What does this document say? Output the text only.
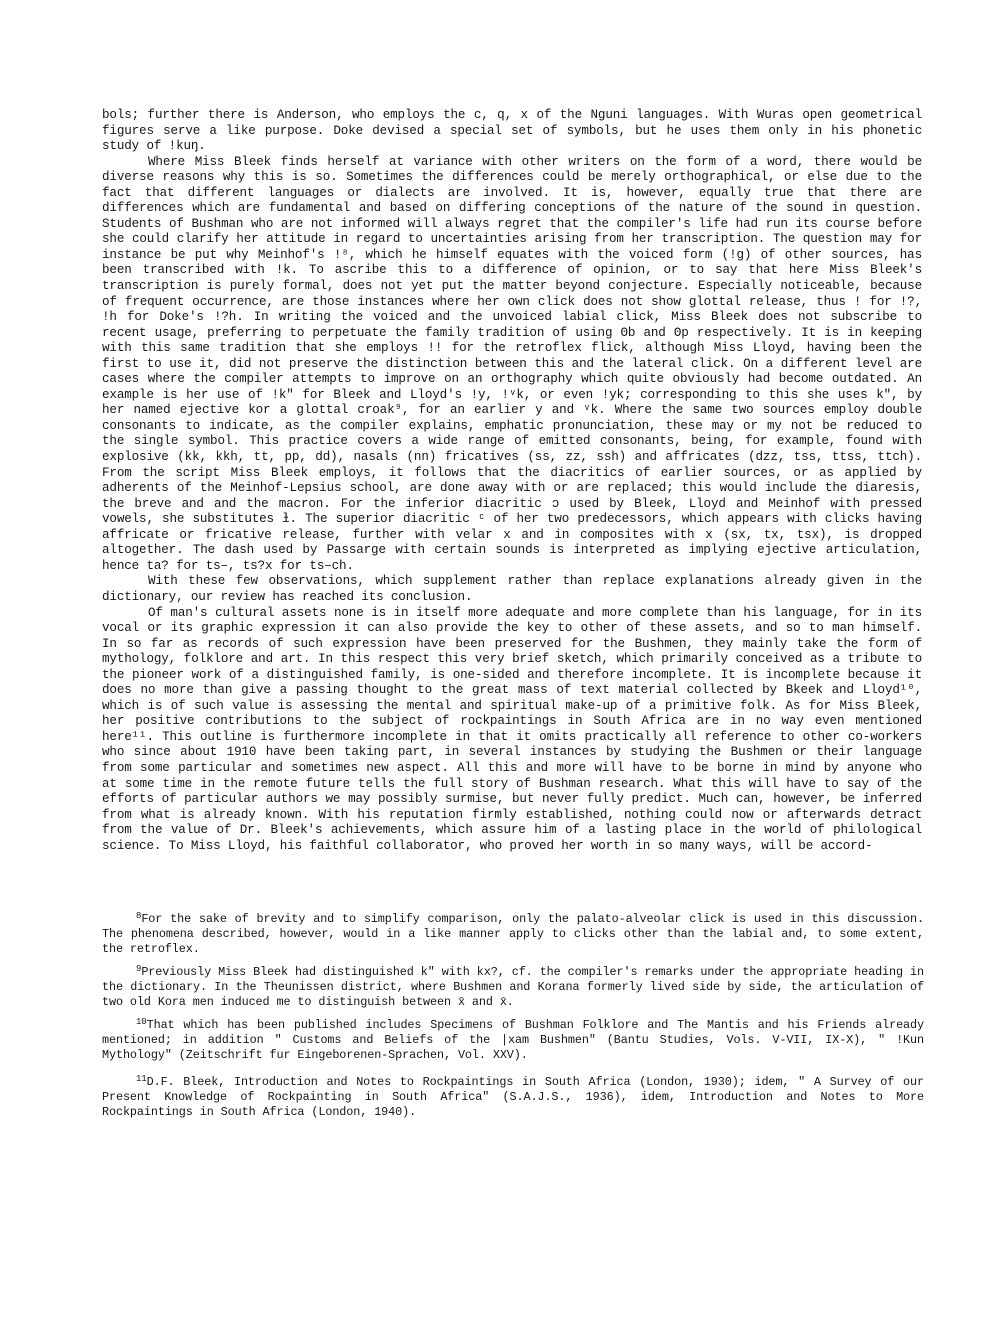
bols; further there is Anderson, who employs the c, q, x of the Nguni languages. With Wuras open geometrical figures serve a like purpose. Doke devised a special set of symbols, but he uses them only in his phonetic study of !kuŋ.

Where Miss Bleek finds herself at variance with other writers on the form of a word, there would be diverse reasons why this is so. Sometimes the differences could be merely orthographical, or else due to the fact that different languages or dialects are involved. It is, however, equally true that there are differences which are fundamental and based on differing conceptions of the nature of the sound in question. Students of Bushman who are not informed will always regret that the compiler's life had run its course before she could clarify her attitude in regard to uncertainties arising from her transcription. The question may for instance be put why Meinhof's !⁸, which he himself equates with the voiced form (!g) of other sources, has been transcribed with !k. To ascribe this to a difference of opinion, or to say that here Miss Bleek's transcription is purely formal, does not yet put the matter beyond conjecture. Especially noticeable, because of frequent occurrence, are those instances where her own click does not show glottal release, thus ! for !?, !h for Doke's !?h. In writing the voiced and the unvoiced labial click, Miss Bleek does not subscribe to recent usage, preferring to perpetuate the family tradition of using ʘb and ʘp respectively. It is in keeping with this same tradition that she employs !! for the retroflex flick, although Miss Lloyd, having been the first to use it, did not preserve the distinction between this and the lateral click. On a different level are cases where the compiler attempts to improve on an orthography which quite obviously had become outdated. An example is her use of !k" for Bleek and Lloyd's !y, !ᵛk, or even !yk; corresponding to this she uses k", by her named ejective kor a glottal croak⁹, for an earlier y and ᵛk. Where the same two sources employ double consonants to indicate, as the compiler explains, emphatic pronunciation, these may or my not be reduced to the single symbol. This practice covers a wide range of emitted consonants, being, for example, found with explosive (kk, kkh, tt, pp, dd), nasals (nn) fricatives (ss, zz, ssh) and affricates (dzz, tss, ttss, ttch). From the script Miss Bleek employs, it follows that the diacritics of earlier sources, or as applied by adherents of the Meinhof-Lepsius school, are done away with or are replaced; this would include the diaresis, the breve and and the macron. For the inferior diacritic ɔ used by Bleek, Lloyd and Meinhof with pressed vowels, she substitutes ɫ. The superior diacritic ᶜ of her two predecessors, which appears with clicks having affricate or fricative release, further with velar x and in composites with x (sx, tx, tsx), is dropped altogether. The dash used by Passarge with certain sounds is interpreted as implying ejective articulation, hence ta? for ts–, ts?x for ts–ch.

With these few observations, which supplement rather than replace explanations already given in the dictionary, our review has reached its conclusion.

Of man's cultural assets none is in itself more adequate and more complete than his language, for in its vocal or its graphic expression it can also provide the key to other of these assets, and so to man himself. In so far as records of such expression have been preserved for the Bushmen, they mainly take the form of mythology, folklore and art. In this respect this very brief sketch, which primarily conceived as a tribute to the pioneer work of a distinguished family, is one-sided and therefore incomplete. It is incomplete because it does no more than give a passing thought to the great mass of text material collected by Bkeek and Lloyd¹⁰, which is of such value is assessing the mental and spiritual make-up of a primitive folk. As for Miss Bleek, her positive contributions to the subject of rockpaintings in South Africa are in no way even mentioned here¹¹. This outline is furthermore incomplete in that it omits practically all reference to other co-workers who since about 1910 have been taking part, in several instances by studying the Bushmen or their language from some particular and sometimes new aspect. All this and more will have to be borne in mind by anyone who at some time in the remote future tells the full story of Bushman research. What this will have to say of the efforts of particular authors we may possibly surmise, but never fully predict. Much can, however, be inferred from what is already known. With his reputation firmly established, nothing could now or afterwards detract from the value of Dr. Bleek's achievements, which assure him of a lasting place in the world of philological science. To Miss Lloyd, his faithful collaborator, who proved her worth in so many ways, will be accord-

$^8$For the sake of brevity and to simplify comparison, only the palato-alveolar click is used in this discussion. The phenomena described, however, would in a like manner apply to clicks other than the labial and, to some extent, the retroflex.

$^9$Previously Miss Bleek had distinguished k" with kx?, cf. the compiler's remarks under the appropriate heading in the dictionary. In the Theunissen district, where Bushmen and Korana formerly lived side by side, the articulation of two old Kora men induced me to distinguish between x̄ and x̄.

$^{10}$That which has been published includes Specimens of Bushman Folklore and The Mantis and his Friends already mentioned; in addition " Customs and Beliefs of the |xam Bushmen" (Bantu Studies, Vols. V-VII, IX-X), " !Kun Mythology" (Zeitschrift fur Eingeborenen-Sprachen, Vol. XXV).

$^{11}$D.F. Bleek, Introduction and Notes to Rockpaintings in South Africa (London, 1930); idem, " A Survey of our Present Knowledge of Rockpainting in South Africa" (S.A.J.S., 1936), idem, Introduction and Notes to More Rockpaintings in South Africa (London, 1940).
